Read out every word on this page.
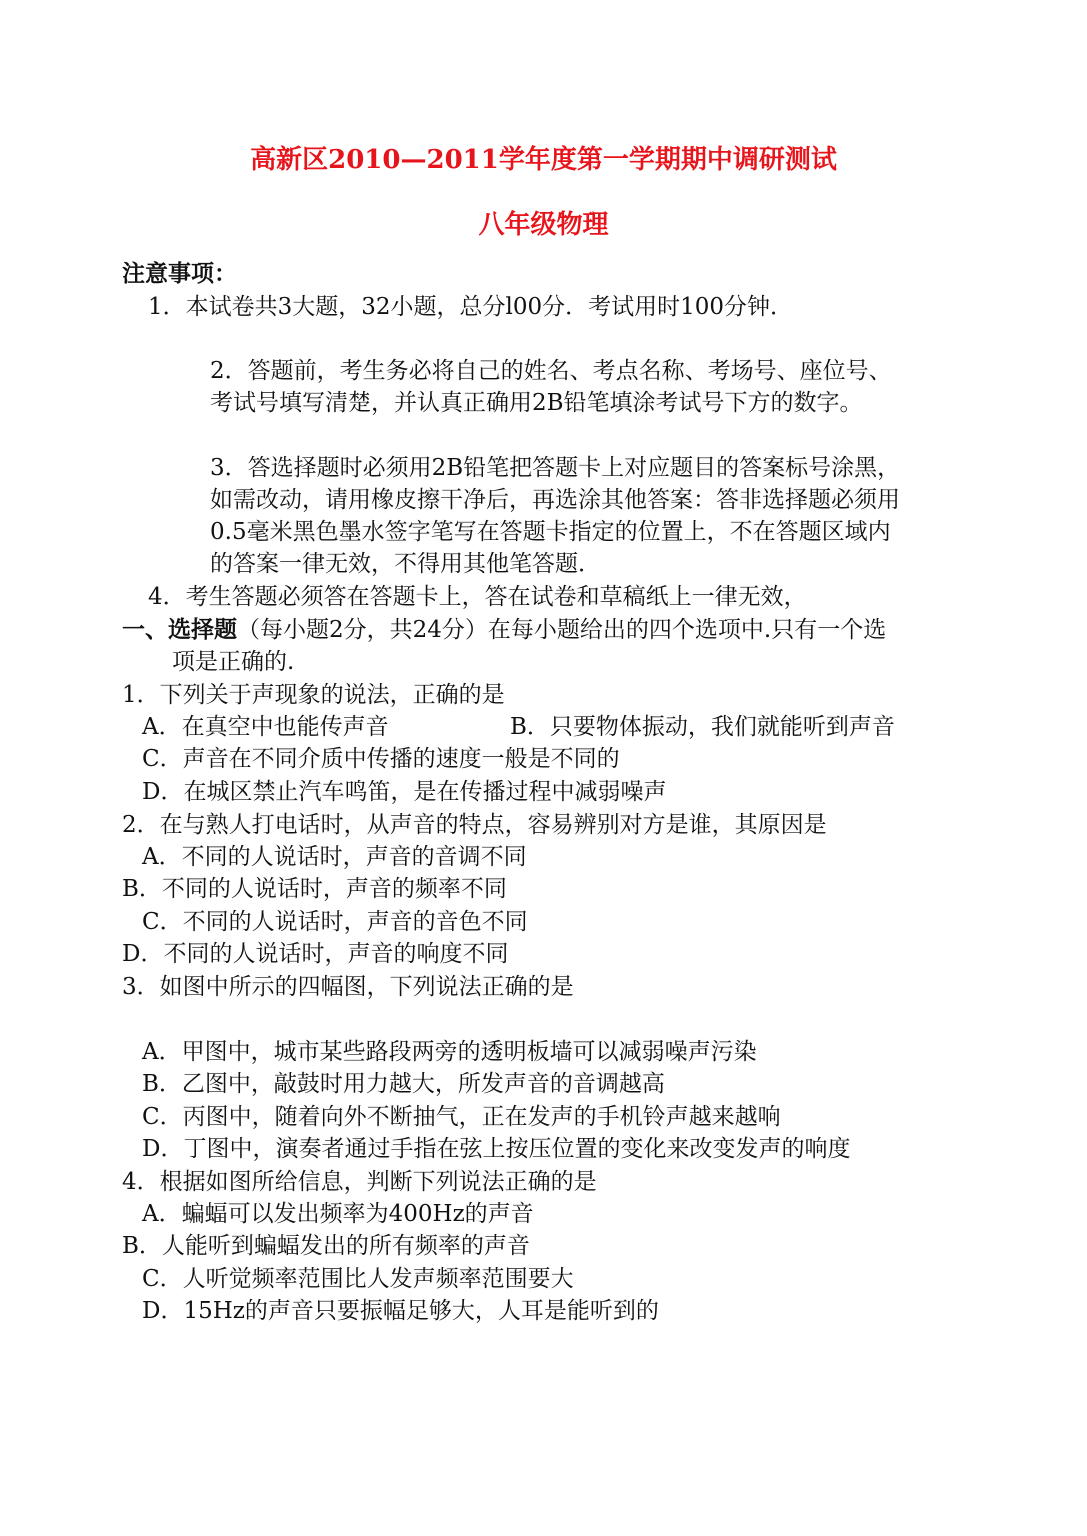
高新区2010—2011学年度第一学期期中调研测试
八年级物理
注意事项：
1．本试卷共3大题，32小题，总分l00分．考试用时100分钟．
2．答题前，考生务必将自己的姓名、考点名称、考场号、座位号、
考试号填写清楚，并认真正确用2B铅笔填涂考试号下方的数字。
3．答选择题时必须用2B铅笔把答题卡上对应题目的答案标号涂黑，
如需改动，请用橡皮擦干净后，再选涂其他答案：答非选择题必须用
0.5毫米黑色墨水签字笔写在答题卡指定的位置上，不在答题区域内
的答案一律无效，不得用其他笔答题．
4．考生答题必须答在答题卡上，答在试卷和草稿纸上一律无效，
一、选择题（每小题2分，共24分）在每小题给出的四个选项中.只有一个选
项是正确的.
1．下列关于声现象的说法，正确的是
A．在真空中也能传声音	B．只要物体振动，我们就能听到声音
C．声音在不同介质中传播的速度一般是不同的
D．在城区禁止汽车鸣笛，是在传播过程中减弱噪声
2．在与熟人打电话时，从声音的特点，容易辨别对方是谁，其原因是
A．不同的人说话时，声音的音调不同
B．不同的人说话时，声音的频率不同
C．不同的人说话时，声音的音色不同
D．不同的人说话时，声音的响度不同
3．如图中所示的四幅图，下列说法正确的是
A．甲图中，城市某些路段两旁的透明板墙可以减弱噪声污染
B．乙图中，敲鼓时用力越大，所发声音的音调越高
C．丙图中，随着向外不断抽气，正在发声的手机铃声越来越响
D．丁图中，演奏者通过手指在弦上按压位置的变化来改变发声的响度
4．根据如图所给信息，判断下列说法正确的是
A．蝙蝠可以发出频率为400Hz的声音
B．人能听到蝙蝠发出的所有频率的声音
C．人听觉频率范围比人发声频率范围要大
D．15Hz的声音只要振幅足够大，人耳是能听到的
